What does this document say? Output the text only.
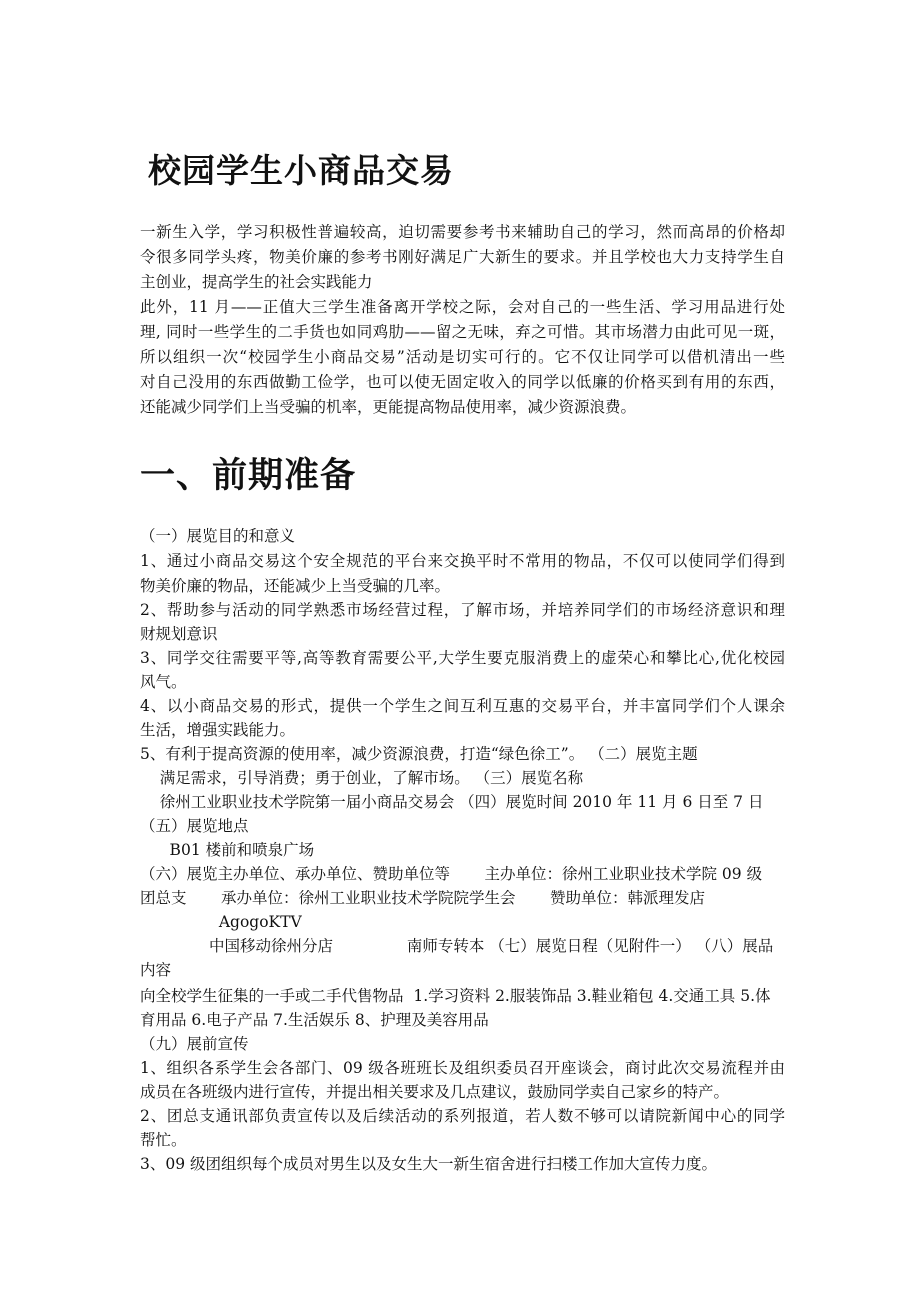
校园学生小商品交易
一新生入学，学习积极性普遍较高，迫切需要参考书来辅助自己的学习，然而高昂的价格却
令很多同学头疼，物美价廉的参考书刚好满足广大新生的要求。并且学校也大力支持学生自
主创业，提高学生的社会实践能力
此外，11 月——正值大三学生准备离开学校之际，会对自己的一些生活、学习用品进行处
理, 同时一些学生的二手货也如同鸡肋——留之无味，弃之可惜。其市场潜力由此可见一斑，
所以组织一次“校园学生小商品交易”活动是切实可行的。它不仅让同学可以借机清出一些
对自己没用的东西做勤工俭学，也可以使无固定收入的同学以低廉的价格买到有用的东西，
还能减少同学们上当受骗的机率，更能提高物品使用率，减少资源浪费。
一、前期准备
（一）展览目的和意义
1、通过小商品交易这个安全规范的平台来交换平时不常用的物品，不仅可以使同学们得到
物美价廉的物品，还能减少上当受骗的几率。
2、帮助参与活动的同学熟悉市场经营过程，了解市场，并培养同学们的市场经济意识和理
财规划意识
3、同学交往需要平等,高等教育需要公平,大学生要克服消费上的虚荣心和攀比心,优化校园
风气。
4、以小商品交易的形式，提供一个学生之间互利互惠的交易平台，并丰富同学们个人课余
生活，增强实践能力。
5、有利于提高资源的使用率，减少资源浪费，打造“绿色徐工”。 （二）展览主题
满足需求，引导消费；勇于创业，了解市场。 （三）展览名称
徐州工业职业技术学院第一届小商品交易会 （四）展览时间 2010 年 11 月 6 日至 7 日
（五）展览地点
B01 楼前和喷泉广场
（六）展览主办单位、承办单位、赞助单位等       主办单位：徐州工业职业技术学院 09 级
团总支       承办单位：徐州工业职业技术学院院学生会       赞助单位：韩派理发店
AgogoKTV
中国移动徐州分店               南师专转本 （七）展览日程（见附件一） （八）展品
内容
向全校学生征集的一手或二手代售物品  1.学习资料 2.服装饰品 3.鞋业箱包 4.交通工具 5.体
育用品 6.电子产品 7.生活娱乐 8、护理及美容用品
（九）展前宣传
1、组织各系学生会各部门、09 级各班班长及组织委员召开座谈会，商讨此次交易流程并由
成员在各班级内进行宣传，并提出相关要求及几点建议，鼓励同学卖自己家乡的特产。
2、团总支通讯部负责宣传以及后续活动的系列报道，若人数不够可以请院新闻中心的同学
帮忙。
3、09 级团组织每个成员对男生以及女生大一新生宿舍进行扫楼工作加大宣传力度。
